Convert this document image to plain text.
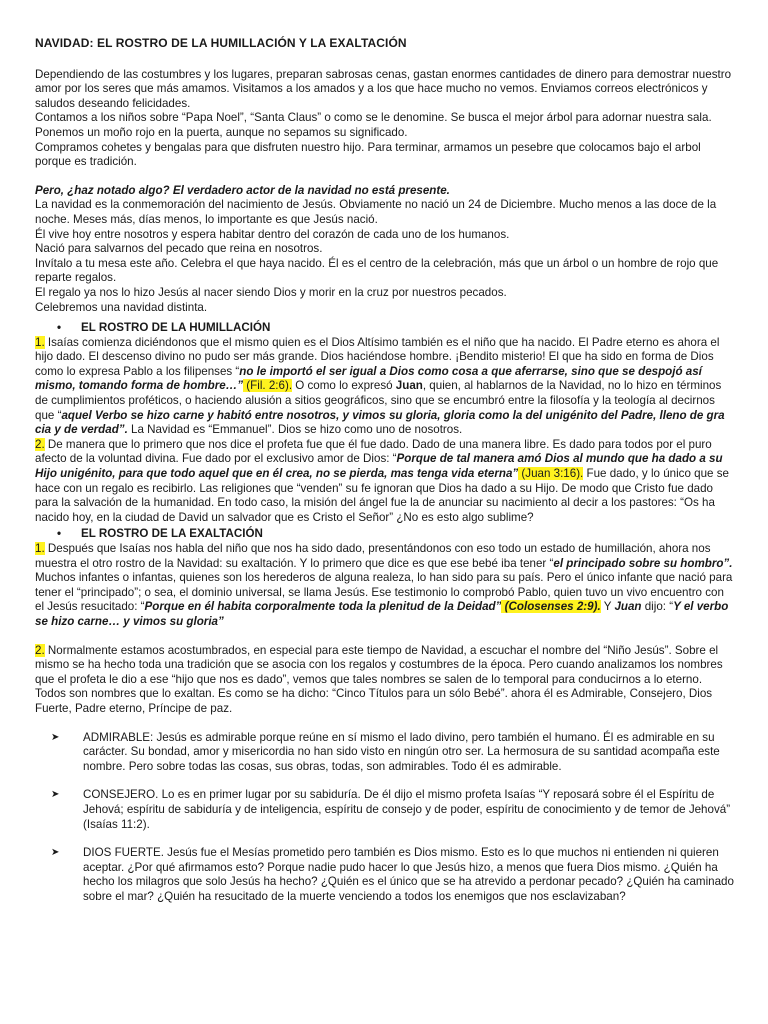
NAVIDAD: EL ROSTRO DE LA HUMILLACIÓN Y LA EXALTACIÓN

Dependiendo de las costumbres y los lugares, preparan sabrosas cenas, gastan enormes cantidades de dinero para demostrar nuestro amor por los seres que más amamos. Visitamos a los amados y a los que hace mucho no vemos. Enviamos correos electrónicos y saludos deseando felicidades.

Contamos a los niños sobre “Papa Noel”, “Santa Claus” o como se le denomine. Se busca el mejor árbol para adornar nuestra sala. Ponemos un moño rojo en la puerta, aunque no sepamos su significado.

Compramos cohetes y bengalas para que disfruten nuestro hijo. Para terminar, armamos un pesebre que colocamos bajo el arbol porque es tradición.

Pero, ¿haz notado algo? El verdadero actor de la navidad no está presente.

La navidad es la conmemoración del nacimiento de Jesús. Obviamente no nació un 24 de Diciembre. Mucho menos a las doce de la noche. Meses más, días menos, lo importante es que Jesús nació.

Él vive hoy entre nosotros y espera habitar dentro del corazón de cada uno de los humanos.

Nació para salvarnos del pecado que reina en nosotros.

Invítalo a tu mesa este año. Celebra el que haya nacido. Él es el centro de la celebración, más que un árbol o un hombre de rojo que reparte regalos.

El regalo ya nos lo hizo Jesús al nacer siendo Dios y morir en la cruz por nuestros pecados.

Celebremos una navidad distinta.

•	EL ROSTRO DE LA HUMILLACIÓN

1. Isaías comienza diciéndonos que el mismo quien es el Dios Altísimo también es el niño que ha nacido. El Padre eterno es ahora el hijo dado. El descenso divino no pudo ser más grande. Dios haciéndose hombre. ¡Bendito misterio! El que ha sido en forma de Dios como lo expresa Pablo a los filipenses “no le importó el ser igual a Dios como cosa a que aferrarse, sino que se despojó así mismo, tomando forma de hombre…” (Fil. 2:6). O como lo expresó Juan, quien, al hablarnos de la Navidad, no lo hizo en términos de cumplimientos proféticos, o haciendo alusión a sitios geográficos, sino que se encumbró entre la filosofía y la teología al decirnos que “aquel Verbo se hizo carne y habitó entre nosotros, y vimos su gloria, gloria como la del unigénito del Padre, lleno de gra cia y de verdad”. La Navidad es “Emmanuel”. Dios se hizo como uno de nosotros.

2. De manera que lo primero que nos dice el profeta fue que él fue dado. Dado de una manera libre. Es dado para todos por el puro afecto de la voluntad divina. Fue dado por el exclusivo amor de Dios: “Porque de tal manera amó Dios al mundo que ha dado a su Hijo unigénito, para que todo aquel que en él crea, no se pierda, mas tenga vida eterna” (Juan 3:16). Fue dado, y lo único que se hace con un regalo es recibirlo. Las religiones que “venden” su fe ignoran que Dios ha dado a su Hijo. De modo que Cristo fue dado para la salvación de la humanidad. En todo caso, la misión del ángel fue la de anunciar su nacimiento al decir a los pastores: “Os ha nacido hoy, en la ciudad de David un salvador que es Cristo el Señor” ¿No es esto algo sublime?

•	EL ROSTRO DE LA EXALTACIÓN

1. Después que Isaías nos habla del niño que nos ha sido dado, presentándonos con eso todo un estado de humillación, ahora nos muestra el otro rostro de la Navidad: su exaltación. Y lo primero que dice es que ese bebé iba tener “el principado sobre su hombro”. Muchos infantes o infantas, quienes son los herederos de alguna realeza, lo han sido para su país. Pero el único infante que nació para tener el “principado”; o sea, el dominio universal, se llama Jesús. Ese testimonio lo comprobó Pablo, quien tuvo un vivo encuentro con el Jesús resucitado: “Porque en él habita corporalmente toda la plenitud de la Deidad” (Colosenses 2:9). Y Juan dijo: “Y el verbo se hizo carne… y vimos su gloria”

2. Normalmente estamos acostumbrados, en especial para este tiempo de Navidad, a escuchar el nombre del “Niño Jesús”. Sobre el mismo se ha hecho toda una tradición que se asocia con los regalos y costumbres de la época. Pero cuando analizamos los nombres que el profeta le dio a ese “hijo que nos es dado”, vemos que tales nombres se salen de lo temporal para conducirnos a lo eterno. Todos son nombres que lo exaltan. Es como se ha dicho: “Cinco Títulos para un sólo Bebé”. ahora él es Admirable, Consejero, Dios Fuerte, Padre eterno, Príncipe de paz.

➤	ADMIRABLE: Jesús es admirable porque reúne en sí mismo el lado divino, pero también el humano. Él es admirable en su carácter. Su bondad, amor y misericordia no han sido visto en ningún otro ser. La hermosura de su santidad acompaña este nombre. Pero sobre todas las cosas, sus obras, todas, son admirables. Todo él es admirable.
➤	CONSEJERO. Lo es en primer lugar por su sabiduría. De él dijo el mismo profeta Isaías “Y reposará sobre él el Espíritu de Jehová; espíritu de sabiduría y de inteligencia, espíritu de consejo y de poder, espíritu de conocimiento y de temor de Jehová” (Isaías 11:2).
➤	DIOS FUERTE. Jesús fue el Mesías prometido pero también es Dios mismo. Esto es lo que muchos ni entienden ni quieren aceptar. ¿Por qué afirmamos esto? Porque nadie pudo hacer lo que Jesús hizo, a menos que fuera Dios mismo. ¿Quién ha hecho los milagros que solo Jesús ha hecho? ¿Quién es el único que se ha atrevido a perdonar pecado? ¿Quién ha caminado sobre el mar? ¿Quién ha resucitado de la muerte venciendo a todos los enemigos que nos esclavizaban?
